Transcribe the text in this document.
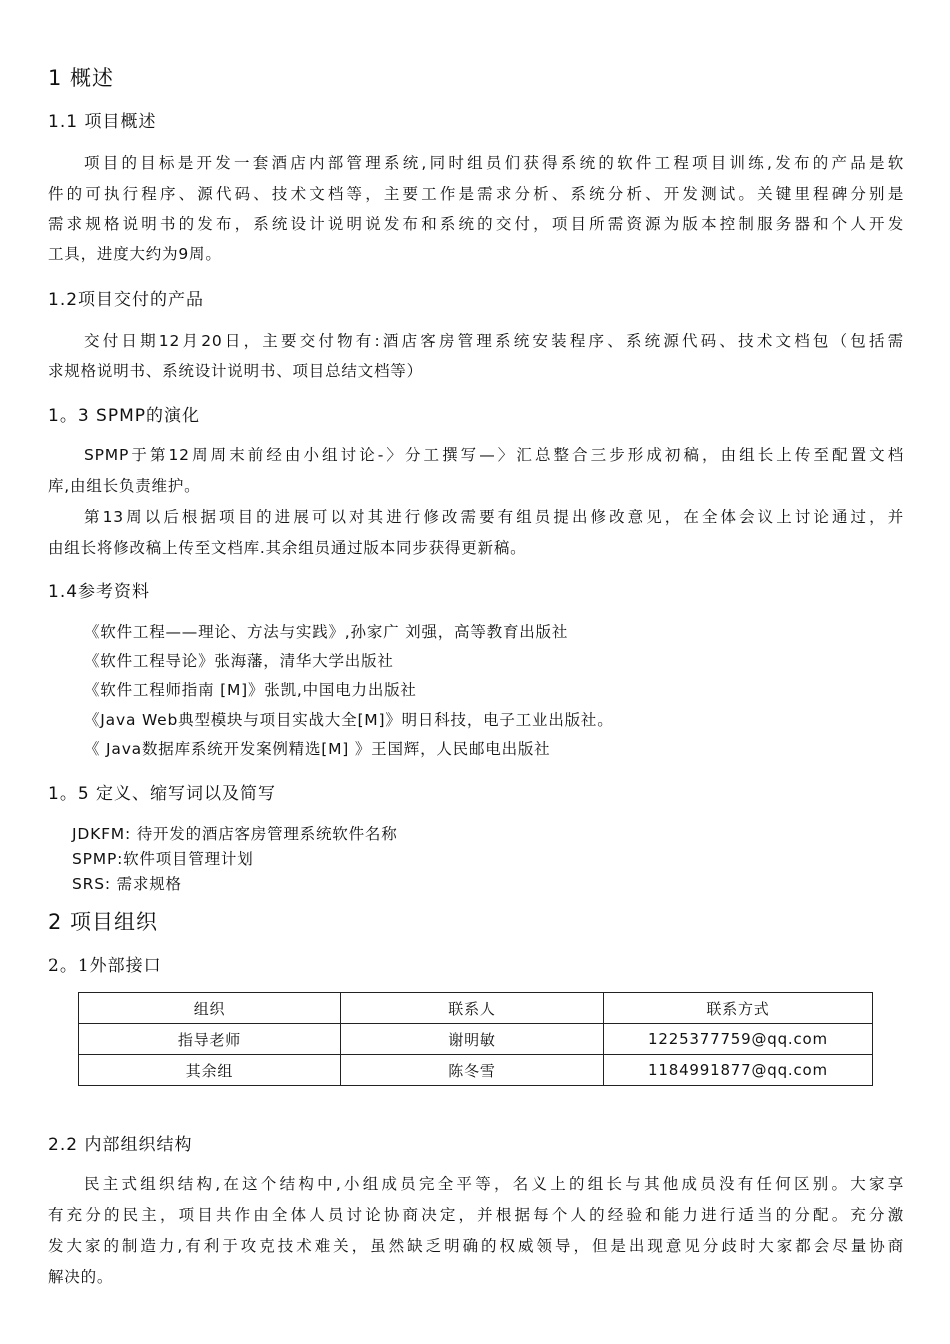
1 概述
1.1 项目概述
项目的目标是开发一套酒店内部管理系统,同时组员们获得系统的软件工程项目训练,发布的产品是软
件的可执行程序、源代码、技术文档等，主要工作是需求分析、系统分析、开发测试。关键里程碑分别是
需求规格说明书的发布，系统设计说明说发布和系统的交付，项目所需资源为版本控制服务器和个人开发
工具，进度大约为9周。
1.2项目交付的产品
交付日期12月20日，主要交付物有:酒店客房管理系统安装程序、系统源代码、技术文档包（包括需
求规格说明书、系统设计说明书、项目总结文档等）
1。3 SPMP的演化
SPMP于第12周周末前经由小组讨论-〉分工撰写—〉汇总整合三步形成初稿，由组长上传至配置文档
库,由组长负责维护。
第13周以后根据项目的进展可以对其进行修改需要有组员提出修改意见，在全体会议上讨论通过，并
由组长将修改稿上传至文档库.其余组员通过版本同步获得更新稿。
1.4参考资料
《软件工程——理论、方法与实践》,孙家广 刘强，高等教育出版社
《软件工程导论》张海藩，清华大学出版社
《软件工程师指南 [M]》张凯,中国电力出版社
《Java Web典型模块与项目实战大全[M]》明日科技，电子工业出版社。
《 Java数据库系统开发案例精选[M] 》王国辉，人民邮电出版社
1。5 定义、缩写词以及简写
JDKFM: 待开发的酒店客房管理系统软件名称
SPMP:软件项目管理计划
SRS: 需求规格
2 项目组织
2。1外部接口
组织	联系人	联系方式
指导老师	谢明敏	1225377759@qq.com
其余组	陈冬雪	1184991877@qq.com
2.2 内部组织结构
民主式组织结构,在这个结构中,小组成员完全平等，名义上的组长与其他成员没有任何区别。大家享
有充分的民主，项目共作由全体人员讨论协商决定，并根据每个人的经验和能力进行适当的分配。充分激
发大家的制造力,有利于攻克技术难关，虽然缺乏明确的权威领导，但是出现意见分歧时大家都会尽量协商
解决的。
